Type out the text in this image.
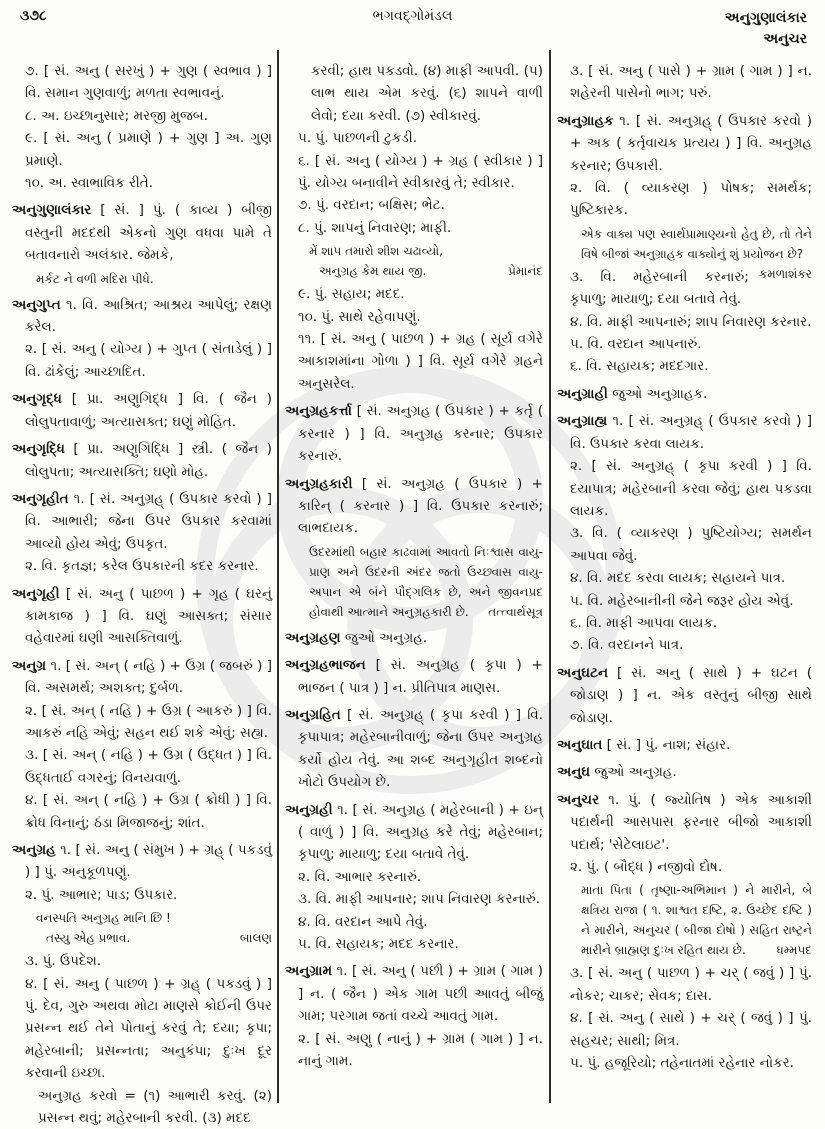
૩૭૮	ભગવદ્ગોમંડલ	અનુગુણાલંકાર
અનુચર
૭. [ સં. અનુ ( સરખું ) + ગુણ ( સ્વભાવ ) ] વિ. સમાન ગુણવાળું; મળતા સ્વભાવનું.
૮. અ. ઇચ્છાનુસાર; મરજી મુજબ.
૯. [ સં. અનુ ( પ્રમાણે ) + ગુણ ] અ. ગુણ પ્રમાણે.
૧૦. અ. સ્વાભાવિક રીતે.
અનુગુણાલંકાર [ સં. ] પું. ( કાવ્ય ) બીજી વસ્તુની મદદથી એકનો ગુણ વધવા પામે તે બતાવનારો અલંકાર. જેમકે,
મર્કટ ને વળી મદિરા પીધે.
અનુગુપ્ત ૧. વિ. આશ્રિત; આશ્રય આપેલું; રક્ષણ કરેલ.
૨. [ સં. અનુ ( યોગ્ય ) + ગુપ્ત ( સંતાડેલું ) ] વિ. ઢાંકેલું; આચ્છાદિત.
અનુગૃદ્ધ [ પ્રા. અણુગિદ્ધ ] વિ. ( જૈન ) લોલુપતાવાળું; અત્યાસક્ત; ઘણું મોહિત.
અનુગૃદ્ધિ [ પ્રા. અણુગિદ્ધિ ] સ્ત્રી. ( જૈન ) લોલુપતા; અત્યાસક્તિ; ઘણો મોહ.
અનુગૃહીત ૧. [ સં. અનુગ્રહ્ ( ઉપકાર કરવો ) ] વિ. આભારી; જેના ઉપર ઉપકાર કરવામાં આવ્યો હોય એવું; ઉપકૃત.
૨. વિ. કૃતજ્ઞ; કરેલ ઉપકારની કદર કરનાર.
અનુગૃહી [ સં. અનુ ( પાછળ ) + ગૃહ ( ઘરનું કામકાજ ) ] વિ. ઘણું આસક્ત; સંસાર વહેવારમાં ઘણી આસક્તિવાળું.
અનુગ્ર ૧. [ સં. અન્ ( નહિ ) + ઉગ્ર ( જબરું ) ] વિ. અસમર્થ; અશક્ત; દુર્બળ.
૨. [ સં. અન્ ( નહિ ) + ઉગ્ર ( આકરું ) ] વિ. આકરું નહિ એવું; સહન થઈ શકે એવું; સહ્ય.
૩. [ સં. અન્ ( નહિ ) + ઉગ્ર ( ઉદ્ધત ) ] વિ. ઉદ્ધતાઈ વગરનું; વિનયવાળું.
૪. [ સં. અન્ ( નહિ ) + ઉગ્ર ( ક્રોધી ) ] વિ. ક્રોધ વિનાનું; ઠંડા મિજાજનું; શાંત.
અનુગ્રહ ૧. [ સં. અનુ ( સંમુખ ) + ગ્રહ્ ( પકડવું ) ] પું. અનુકૂળપણું.
૨. પું. આભાર; પાડ; ઉપકાર.
વનસ્પતિ અનુગ્રહ માનિ છિ !
બાલણ
તસ્યુ એહ પ્રભાવ.
૩. પું. ઉપદેશ.
૪. [ સં. અનુ ( પાછળ ) + ગ્રહ્ ( પકડવું ) ] પું. દેવ, ગુરુ અથવા મોટા માણસે કોઈની ઉપર પ્રસન્ન થઈ તેને પોતાનું કરવું તે; દયા; કૃપા; મહેરબાની; પ્રસન્નતા; અનુકંપા; દુઃખ દૂર કરવાની ઇચ્છા.
અનુગ્રહ કરવો = (૧) આભારી કરવું. (૨) પ્રસન્ન થવું; મહેરબાની કરવી. (૩) મદદ
કરવી; હાથ પકડવો. (૪) માફી આપવી. (૫) લાભ થાય એમ કરવું. (૬) શાપને વાળી લેવો; દયા કરવી. (૭) સ્વીકારવું.
૫. પું. પાછળની ટુકડી.
૬. [ સં. અનુ ( યોગ્ય ) + ગ્રહ ( સ્વીકાર ) ] પું. યોગ્ય બનાવીને સ્વીકારવું તે; સ્વીકાર.
૭. પું. વરદાન; બક્ષિસ; ભેટ.
૮. પું. શાપનું નિવારણ; માફી.
મેં શાપ તમારો શીશ ચઢાવ્યો,
પ્રેમાનંદ
અનુગ્રહ કેમ થાય જી.
૯. પું. સહાય; મદદ.
૧૦. પું. સાથે રહેવાપણું.
૧૧. [ સં. અનુ ( પાછળ ) + ગ્રહ ( સૂર્ય વગેરે આકાશમાંના ગોળા ) ] વિ. સૂર્ય વગેરે ગ્રહને અનુસરેલ.
અનુગ્રહકર્ત્તા [ સં. અનુગ્રહ ( ઉપકાર ) + કર્તૃ ( કરનાર ) ] વિ. અનુગ્રહ કરનાર; ઉપકાર કરનારું.
અનુગ્રહકારી [ સં. અનુગ્રહ ( ઉપકાર ) + કારિન્ ( કરનાર ) ] વિ. ઉપકાર કરનારું; લાભદાયક.
ઉદરમાંથી બહાર કાઢવામાં આવતો નિઃશ્વાસ વાયુ-પ્રાણ અને ઉદરની અંદર જતો ઉચ્છ્વાસ વાયુ-અપાન એ બંને પૌદ્ગલિક છે, અને જીવનપ્રદ હોવાથી આત્માને અનુગ્રહકારી છે.	તત્ત્વાર્થસૂત્ર
અનુગ્રહણ જુઓ અનુગ્રહ.
અનુગ્રહભાજન [ સં. અનુગ્રહ ( કૃપા ) + ભાજન ( પાત્ર ) ] ન. પ્રીતિપાત્ર માણસ.
અનુગ્રહિત [ સં. અનુગ્રહ્ ( કૃપા કરવી ) ] વિ. કૃપાપાત્ર; મહેરબાનીવાળું; જેના ઉપર અનુગ્રહ કર્યો હોય તેવું. આ શબ્દ અનુગૃહીત શબ્દનો ખોટો ઉપયોગ છે.
અનુગ્રહી ૧. [ સં. અનુગ્રહ ( મહેરબાની ) + ઇન્ ( વાળું ) ] વિ. અનુગ્રહ કરે તેવું; મહેરબાન; કૃપાળુ; માયાળુ; દયા બતાવે તેવું.
૨. વિ. આભાર કરનારું.
૩. વિ. માફી આપનાર; શાપ નિવારણ કરનારું.
૪. વિ. વરદાન આપે તેવું.
૫. વિ. સહાયક; મદદ કરનાર.
અનુગ્રામ ૧. [ સં. અનુ ( પછી ) + ગ્રામ ( ગામ ) ] ન. ( જૈન ) એક ગામ પછી આવતું બીજું ગામ; પરગામ જતાં વચ્ચે આવતું ગામ.
૨. [ સં. અણુ ( નાનું ) + ગ્રામ ( ગામ ) ] ન. નાનું ગામ.
૩. [ સં. અનુ ( પાસે ) + ગ્રામ ( ગામ ) ] ન. શહેરની પાસેનો ભાગ; પરું.
અનુગ્રાહક ૧. [ સં. અનુગ્રહ્ ( ઉપકાર કરવો ) + અક ( કર્તૃવાચક પ્રત્યય ) ] વિ. અનુગ્રહ કરનાર; ઉપકારી.
૨. વિ. ( વ્યાકરણ ) પોષક; સમર્થક; પુષ્ટિકારક.
એક વાક્ય પણ સ્વાર્થપ્રામાણ્યનો હેતુ છે, તો તેને વિષે બીજાં અનુગ્રાહક વાક્યોનું શું પ્રયોજન છે?
કમળાશંકર
૩. વિ. મહેરબાની કરનારું; કૃપાળુ; માયાળુ; દયા બતાવે તેવું.
૪. વિ. માફી આપનારું; શાપ નિવારણ કરનાર.
૫. વિ. વરદાન આપનારું.
૬. વિ. સહાયક; મદદગાર.
અનુગ્રાહી જુઓ અનુગ્રાહક.
અનુગ્રાહ્ય ૧. [ સં. અનુગ્રહ્ ( ઉપકાર કરવો ) ] વિ. ઉપકાર કરવા લાયક.
૨. [ સં. અનુગ્રહ્ ( કૃપા કરવી ) ] વિ. દયાપાત્ર; મહેરબાની કરવા જેવું; હાથ પકડવા લાયક.
૩. વિ. ( વ્યાકરણ ) પુષ્ટિયોગ્ય; સમર્થન આપવા જેવું.
૪. વિ. મદદ કરવા લાયક; સહાયને પાત્ર.
૫. વિ. મહેરબાનીની જેને જરૂર હોય એવું.
૬. વિ. માફી આપવા લાયક.
૭. વિ. વરદાનને પાત્ર.
અનુઘટન [ સં. અનુ ( સાથે ) + ઘટન ( જોડાણ ) ] ન. એક વસ્તુનું બીજી સાથે જોડાણ.
અનુઘાત [ સં. ] પું. નાશ; સંહાર.
અનુઘ જુઓ અનુગ્રહ.
અનુચર ૧. પું. ( જ્યોતિષ ) એક આકાશી પદાર્થની આસપાસ ફરનાર બીજો આકાશી પદાર્થ; 'સેટેલાઇટ'.
૨. પું. ( બૌદ્ધ ) નજીવો દોષ.
માતા પિતા ( તૃષ્ણા-અભિમાન ) ને મારીને, બે ક્ષત્રિય રાજા ( ૧. શાશ્વત દષ્ટિ, ૨. ઉચ્છેદ દષ્ટિ ) ને મારીને, અનુચર ( બીજા દોષો ) સહિત રાષ્ટ્રને મારીને બ્રાહ્મણ દુઃખ રહિત થાય છે.	ધમ્મપદ
૩. [ સં. અનુ ( પાછળ ) + ચર્ ( જવું ) ] પું. નોકર; ચાકર; સેવક; દાસ.
૪. [ સં. અનુ ( સાથે ) + ચર્ ( જવું ) ] પું. સહચર; સાથી; મિત્ર.
૫. પું. હજૂરિયો; તહેનાતમાં રહેનાર નોકર.
